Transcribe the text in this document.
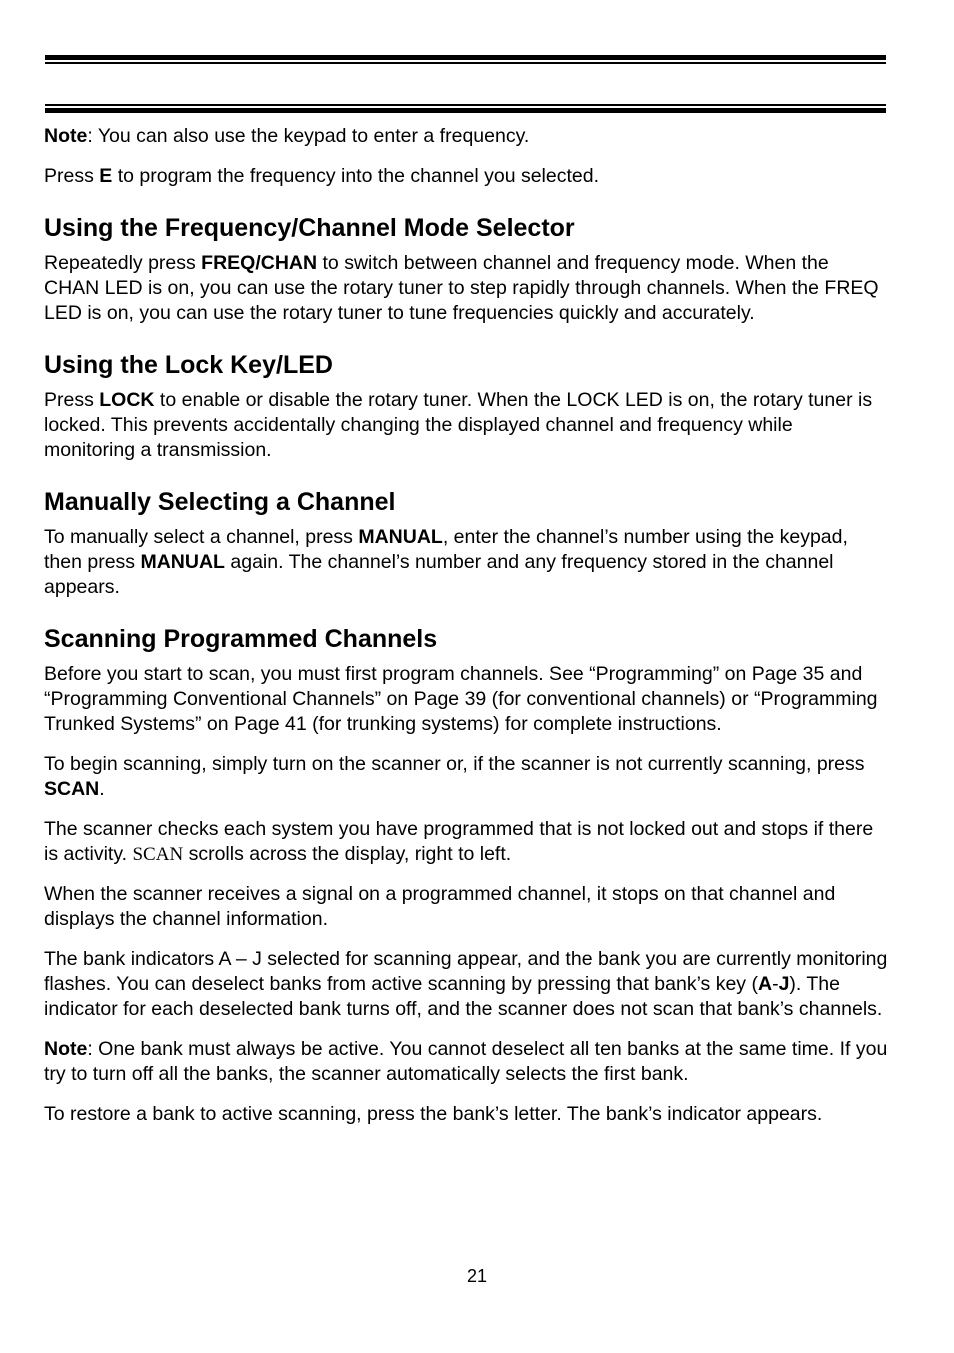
Note: You can also use the keypad to enter a frequency.

Press E to program the frequency into the channel you selected.

Using the Frequency/Channel Mode Selector

Repeatedly press FREQ/CHAN to switch between channel and frequency mode. When the CHAN LED is on, you can use the rotary tuner to step rapidly through channels. When the FREQ LED is on, you can use the rotary tuner to tune frequencies quickly and accurately.

Using the Lock Key/LED

Press LOCK to enable or disable the rotary tuner. When the LOCK LED is on, the rotary tuner is locked. This prevents accidentally changing the displayed channel and frequency while monitoring a transmission.

Manually Selecting a Channel

To manually select a channel, press MANUAL, enter the channel’s number using the keypad, then press MANUAL again. The channel’s number and any frequency stored in the channel appears.

Scanning Programmed Channels

Before you start to scan, you must first program channels. See “Programming” on Page 35 and “Programming Conventional Channels” on Page 39 (for conventional channels) or “Programming Trunked Systems” on Page 41 (for trunking systems) for complete instructions.

To begin scanning, simply turn on the scanner or, if the scanner is not currently scanning, press SCAN.

The scanner checks each system you have programmed that is not locked out and stops if there is activity. SCAN scrolls across the display, right to left.

When the scanner receives a signal on a programmed channel, it stops on that channel and displays the channel information.

The bank indicators A – J selected for scanning appear, and the bank you are currently monitoring flashes. You can deselect banks from active scanning by pressing that bank’s key (A-J). The indicator for each deselected bank turns off, and the scanner does not scan that bank’s channels.

Note: One bank must always be active. You cannot deselect all ten banks at the same time. If you try to turn off all the banks, the scanner automatically selects the first bank.

To restore a bank to active scanning, press the bank’s letter. The bank’s indicator appears.

21
